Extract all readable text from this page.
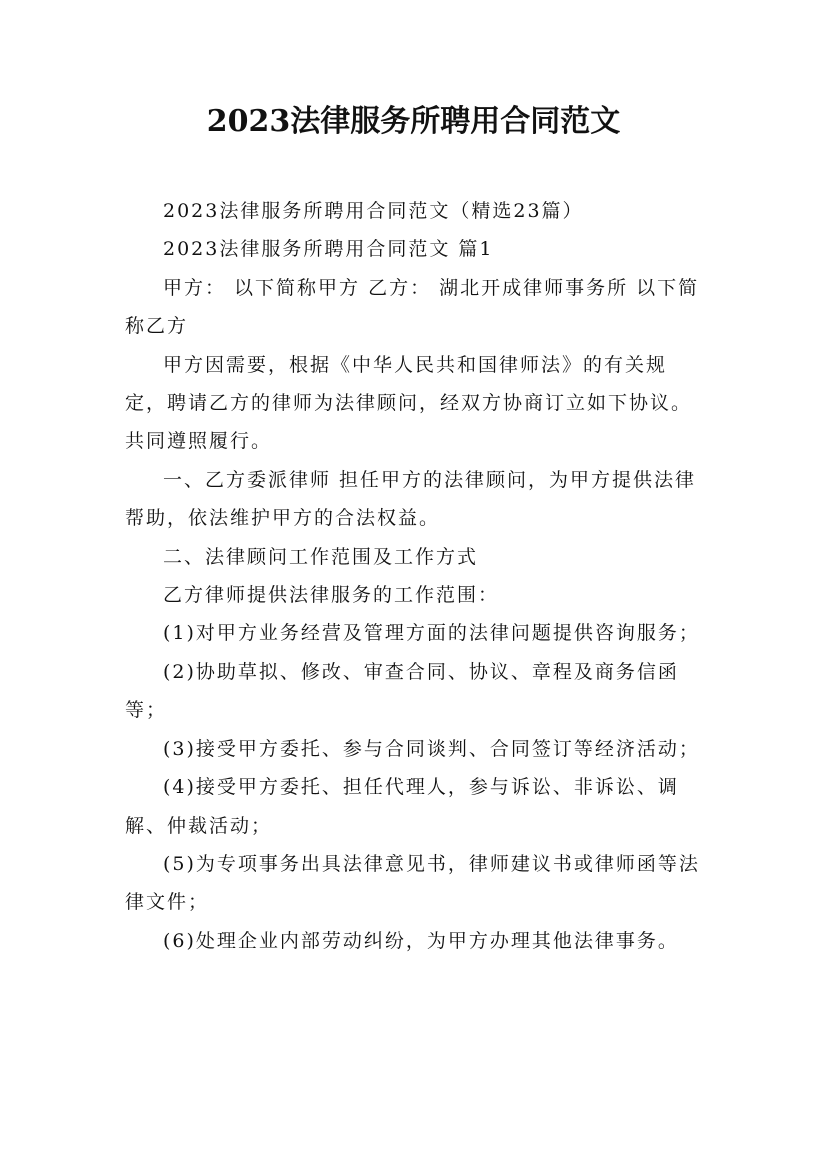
2023法律服务所聘用合同范文

2023法律服务所聘用合同范文（精选23篇）

2023法律服务所聘用合同范文 篇1

甲方： 以下简称甲方 乙方： 湖北开成律师事务所 以下简称乙方

甲方因需要，根据《中华人民共和国律师法》的有关规定，聘请乙方的律师为法律顾问，经双方协商订立如下协议。共同遵照履行。

一、乙方委派律师 担任甲方的法律顾问，为甲方提供法律帮助，依法维护甲方的合法权益。

二、法律顾问工作范围及工作方式

乙方律师提供法律服务的工作范围：

(1)对甲方业务经营及管理方面的法律问题提供咨询服务；

(2)协助草拟、修改、审查合同、协议、章程及商务信函等；

(3)接受甲方委托、参与合同谈判、合同签订等经济活动；

(4)接受甲方委托、担任代理人，参与诉讼、非诉讼、调解、仲裁活动；

(5)为专项事务出具法律意见书，律师建议书或律师函等法律文件；

(6)处理企业内部劳动纠纷，为甲方办理其他法律事务。
